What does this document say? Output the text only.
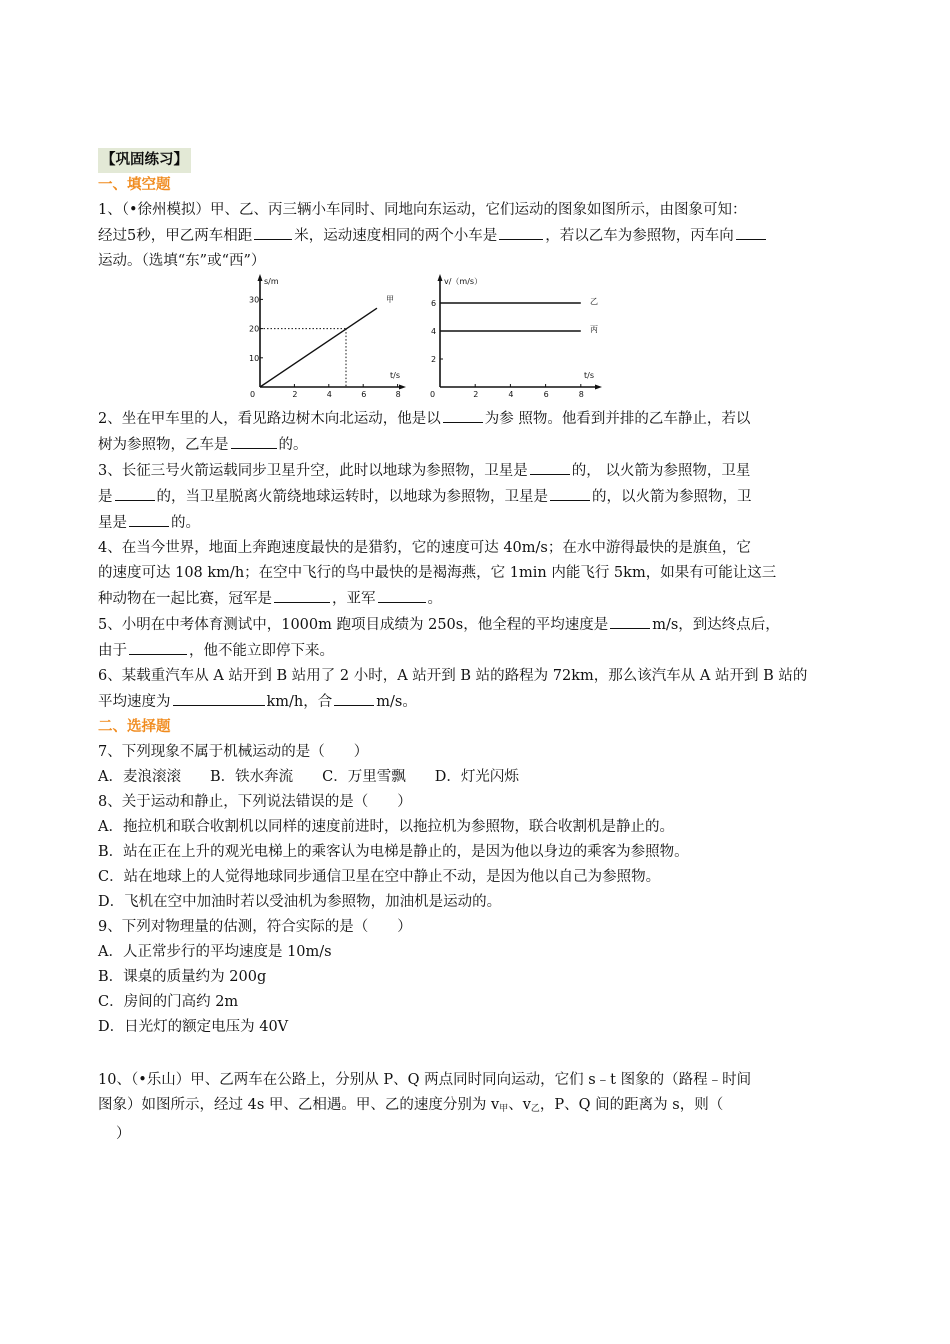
【巩固练习】
一、填空题

1、（•徐州模拟）甲、乙、丙三辆小车同时、同地向东运动，它们运动的图象如图所示，由图象可知：

经过5秒，甲乙两车相距	米，运动速度相同的两个小车是	，若以乙车为参照物，丙车向

运动。（选填“东”或“西”）

s/m
t/s
30
20
10
0	2	4	6	8
甲
v/（m/s）
t/s
6
4
2
0	2	4	6	8
乙
丙

2、坐在甲车里的人，看见路边树木向北运动，他是以	为参 照物。他看到并排的乙车静止，若以

树为参照物，乙车是	的。

3、长征三号火箭运载同步卫星升空，此时以地球为参照物，卫星是	的， 以火箭为参照物，卫星

是	的，当卫星脱离火箭绕地球运转时，以地球为参照物，卫星是	的，以火箭为参照物，卫

星是	的。

4、在当今世界，地面上奔跑速度最快的是猎豹，它的速度可达 40m/s；在水中游得最快的是旗鱼，它

的速度可达 108 km/h；在空中飞行的鸟中最快的是褐海燕，它 1min 内能飞行 5km，如果有可能让这三

种动物在一起比赛，冠军是	，亚军	。

5、小明在中考体育测试中，1000m 跑项目成绩为 250s，他全程的平均速度是	m/s，到达终点后，

由于	，他不能立即停下来。

6、某载重汽车从 A 站开到 B 站用了 2 小时，A 站开到 B 站的路程为 72km，那么该汽车从 A 站开到 B 站的

平均速度为	km/h，合	m/s。

二、选择题

7、下列现象不属于机械运动的是（　　）

A．麦浪滚滚　　B．铁水奔流　　C．万里雪飘　　D．灯光闪烁

8、关于运动和静止，下列说法错误的是（　　）

A．拖拉机和联合收割机以同样的速度前进时，以拖拉机为参照物，联合收割机是静止的。

B．站在正在上升的观光电梯上的乘客认为电梯是静止的，是因为他以身边的乘客为参照物。

C．站在地球上的人觉得地球同步通信卫星在空中静止不动，是因为他以自己为参照物。

D．飞机在空中加油时若以受油机为参照物，加油机是运动的。

9、下列对物理量的估测，符合实际的是（　　）

A．人正常步行的平均速度是 10m/s

B．课桌的质量约为 200g

C．房间的门高约 2m

D．日光灯的额定电压为 40V

10、（•乐山）甲、乙两车在公路上，分别从 P、Q 两点同时同向运动，它们 s﹣t 图象的（路程﹣时间

图象）如图所示，经过 4s 甲、乙相遇。甲、乙的速度分别为 $v_甲$、$v_乙$，P、Q 间的距离为 s，则（

）
